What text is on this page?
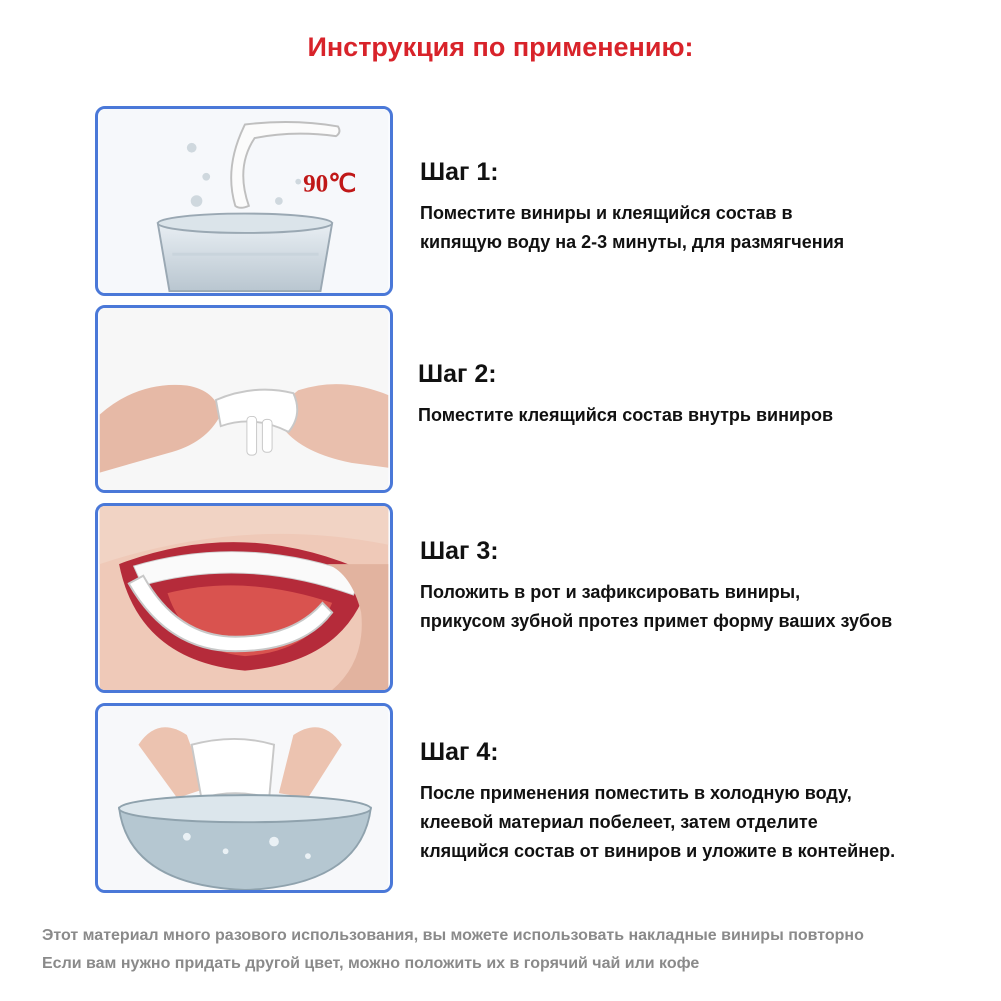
Инструкция по применению:
90℃	Шаг 1:
Поместите виниры и клеящийся состав в
кипящую воду на 2-3 минуты, для размягчения
Шаг 2:
Поместите клеящийся состав внутрь виниров
Шаг 3:
Положить в рот и зафиксировать виниры,
прикусом зубной протез примет форму ваших зубов
Шаг 4:
После применения поместить в холодную воду,
клеевой материал побелеет, затем отделите
клящийся состав от виниров и уложите в контейнер.
Этот материал много разового использования, вы можете использовать накладные виниры повторно
Если вам нужно придать другой цвет, можно положить их в горячий чай или кофе
